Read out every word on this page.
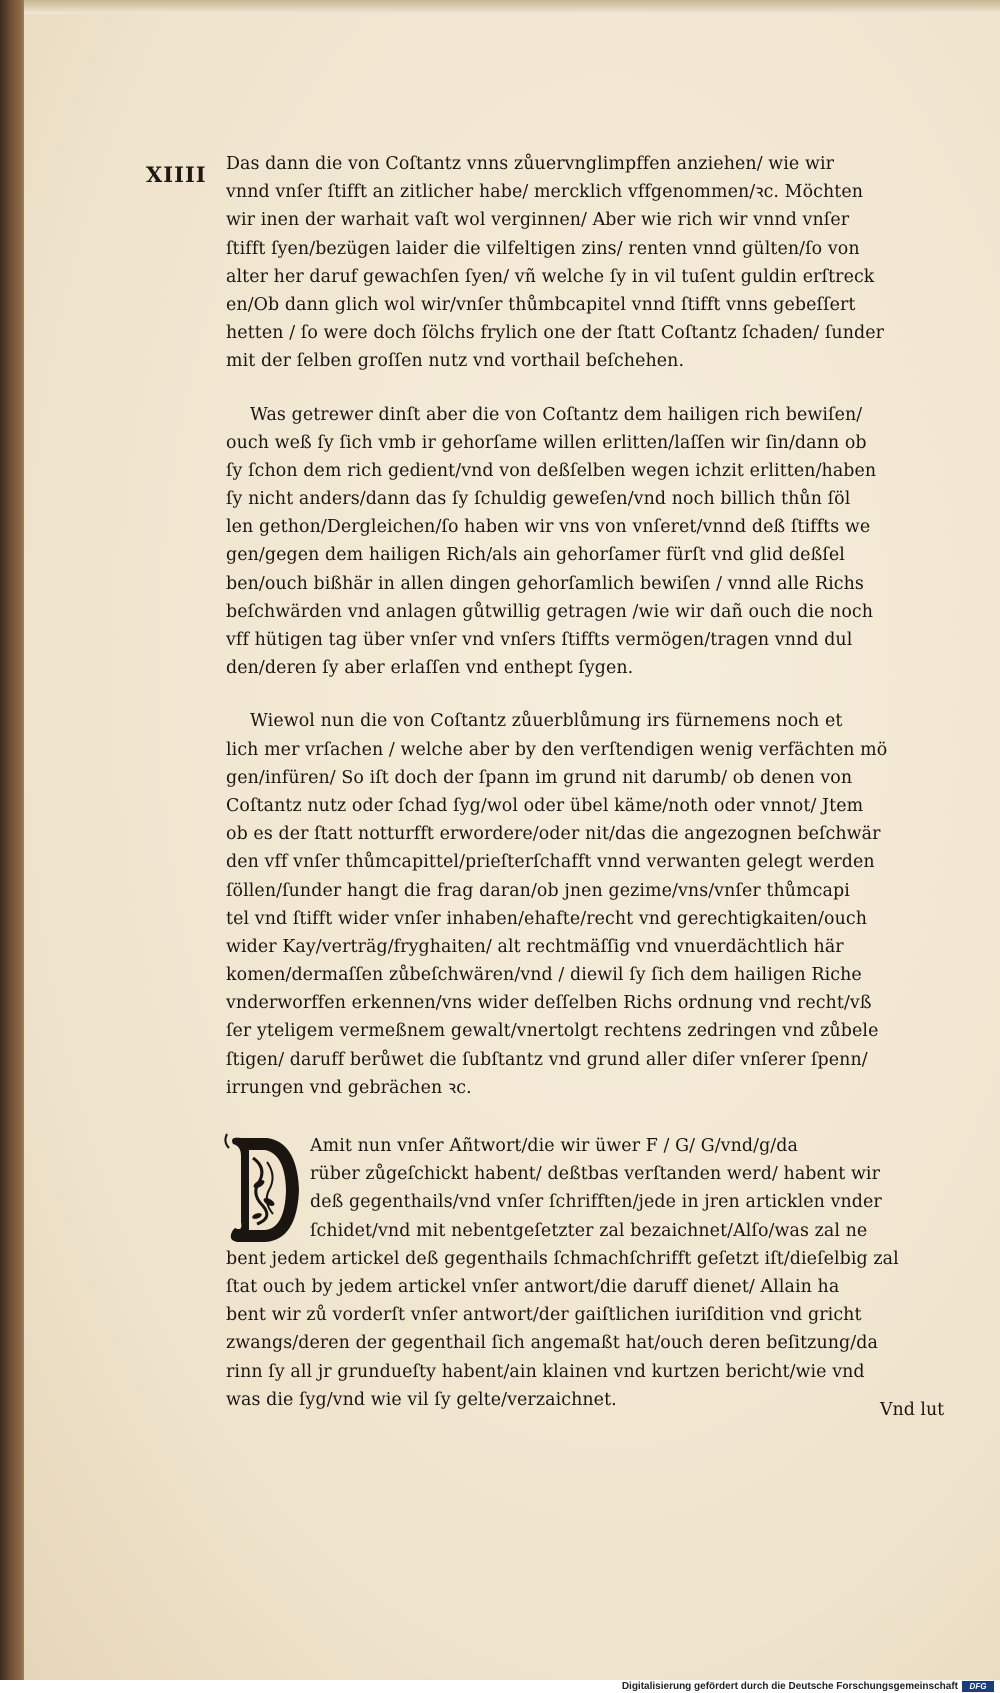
XIIII Das dann die von Coſtantz vnns zůuervnglimpffen anziehen/ wie wir
vnnd vnſer ſtifft an zitlicher habe/ mercklich vffgenommen/ꝛc. Möchten
wir inen der warhait vaſt wol verginnen/ Aber wie rich wir vnnd vnſer
ſtifft ſyen/bezügen laider die vilfeltigen zins/ renten vnnd gülten/ſo von
alter her daruf gewachſen ſyen/ vñ welche ſy in vil tuſent guldin erſtreck
en/Ob dann glich wol wir/vnſer thůmbcapitel vnnd ſtifft vnns gebeſſert
hetten / ſo were doch ſölchs frylich one der ſtatt Coſtantz ſchaden/ ſunder
mit der ſelben groſſen nutz vnd vorthail beſchehen.
Was getrewer dinſt aber die von Coſtantz dem hailigen rich bewiſen/
ouch weß ſy ſich vmb ir gehorſame willen erlitten/laſſen wir ſin/dann ob
ſy ſchon dem rich gedient/vnd von deßſelben wegen ichzit erlitten/haben
ſy nicht anders/dann das ſy ſchuldig geweſen/vnd noch billich thůn ſöl
len gethon/Dergleichen/ſo haben wir vns von vnſeret/vnnd deß ſtiffts we
gen/gegen dem hailigen Rich/als ain gehorſamer fürſt vnd glid deßſel
ben/ouch bißhär in allen dingen gehorſamlich bewiſen / vnnd alle Richs
beſchwärden vnd anlagen gůtwillig getragen /wie wir dañ ouch die noch
vff hütigen tag über vnſer vnd vnſers ſtiffts vermögen/tragen vnnd dul
den/deren ſy aber erlaſſen vnd enthept ſygen.
Wiewol nun die von Coſtantz zůuerblůmung irs fürnemens noch et
lich mer vrſachen / welche aber by den verſtendigen wenig verfächten mö
gen/infüren/ So iſt doch der ſpann im grund nit darumb/ ob denen von
Coſtantz nutz oder ſchad ſyg/wol oder übel käme/noth oder vnnot/ Jtem
ob es der ſtatt notturfft erwordere/oder nit/das die angezognen beſchwär
den vff vnſer thůmcapittel/prieſterſchafft vnnd verwanten gelegt werden
ſöllen/ſunder hangt die frag daran/ob jnen gezime/vns/vnſer thůmcapi
tel vnd ſtifft wider vnſer inhaben/ehafte/recht vnd gerechtigkaiten/ouch
wider Kay/verträg/fryghaiten/ alt rechtmäſſig vnd vnuerdächtlich här
komen/dermaſſen zůbeſchwären/vnd / diewil ſy ſich dem hailigen Riche
vnderworffen erkennen/vns wider deſſelben Richs ordnung vnd recht/vß
ſer yteligem vermeßnem gewalt/vnertolgt rechtens zedringen vnd zůbele
ſtigen/ daruff berůwet die ſubſtantz vnd grund aller diſer vnſerer ſpenn/
irrungen vnd gebrächen ꝛc.
Amit nun vnſer Añtwort/die wir üwer F / G/ G/vnd/g/da
rüber zůgeſchickt habent/ deßtbas verſtanden werd/ habent wir
deß gegenthails/vnd vnſer ſchrifften/jede in jren articklen vnder
ſchidet/vnd mit nebentgeſetzter zal bezaichnet/Alſo/was zal ne
bent jedem artickel deß gegenthails ſchmachſchrifft geſetzt iſt/dieſelbig zal
ſtat ouch by jedem artickel vnſer antwort/die daruff dienet/ Allain ha
bent wir zů vorderſt vnſer antwort/der gaiſtlichen iuriſdition vnd gricht
zwangs/deren der gegenthail ſich angemaßt hat/ouch deren beſitzung/da
rinn ſy all jr grundueſty habent/ain klainen vnd kurtzen bericht/wie vnd
was die ſyg/vnd wie vil ſy gelte/verzaichnet.
Vnd lut
Digitalisierung gefördert durch die Deutsche Forschungsgemeinschaft	DFG
